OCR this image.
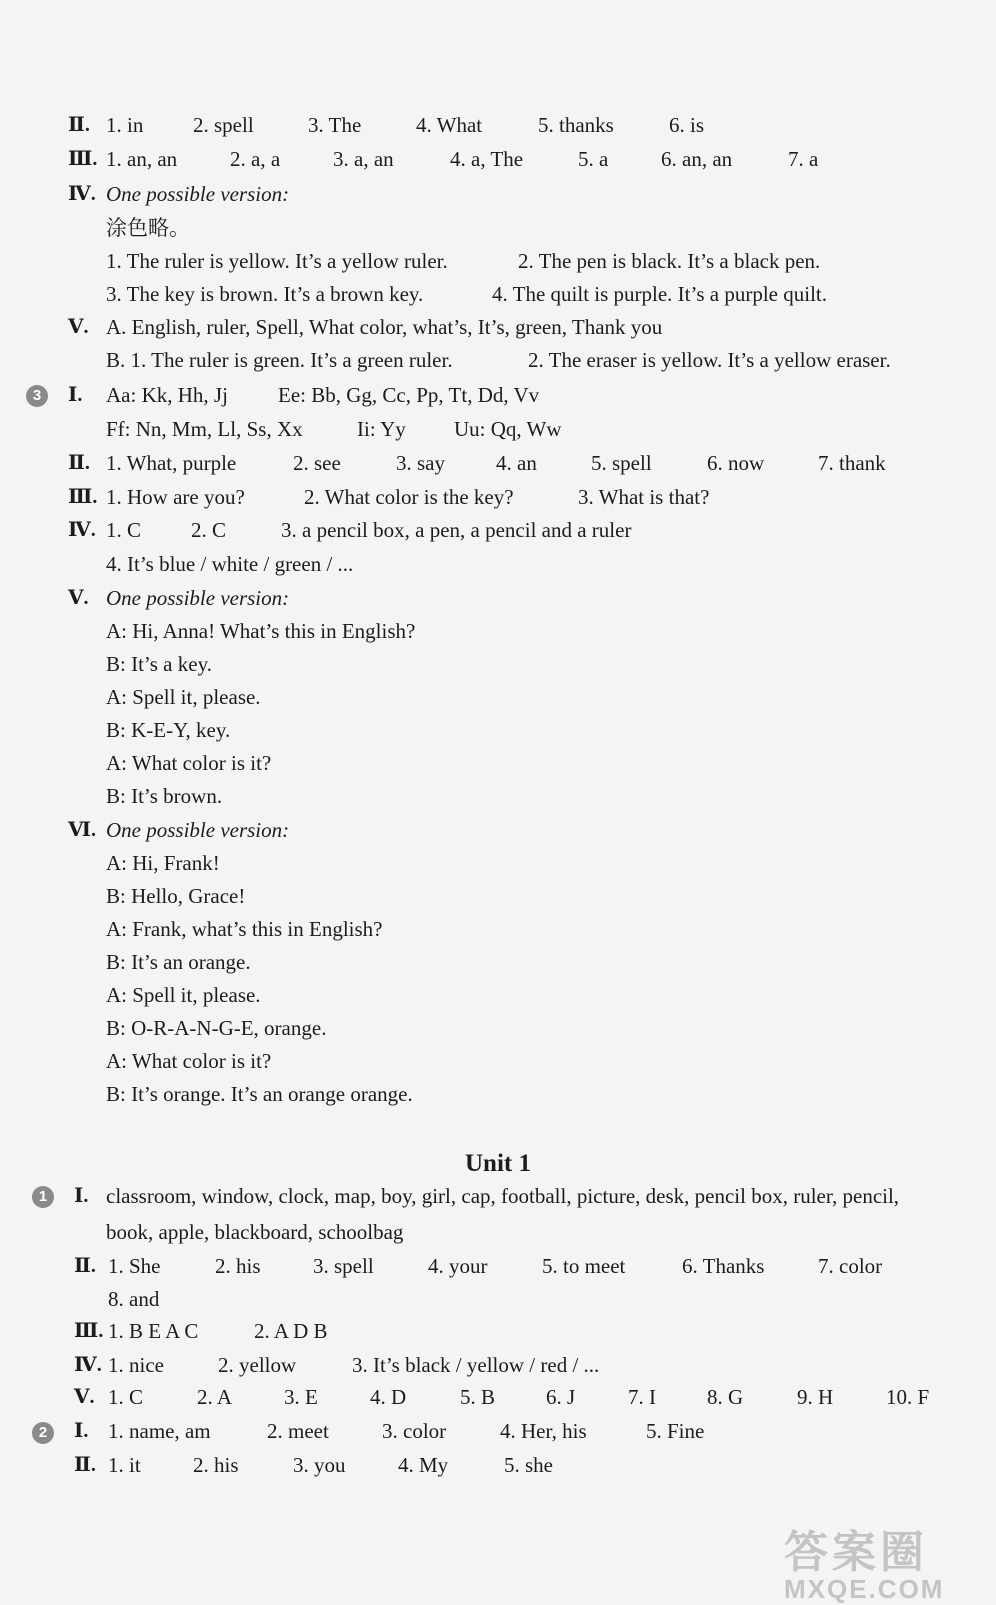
Ⅱ. 1. in 2. spell	3. The	4. What	5. thanks	6. is
Ⅲ. 1. an, an	2. a, a	3. a, an	4. a, The	5. a	6. an, an	7. a
Ⅳ. One possible version:
涂色略。
1. The ruler is yellow. It’s a yellow ruler.	2. The pen is black. It’s a black pen.
3. The key is brown. It’s a brown key.	4. The quilt is purple. It’s a purple quilt.
Ⅴ. A. English, ruler, Spell, What color, what’s, It’s, green, Thank you
B. 1. The ruler is green. It’s a green ruler.	2. The eraser is yellow. It’s a yellow eraser.
3	Ⅰ. Aa: Kk, Hh, Jj Ee: Bb, Gg, Cc, Pp, Tt, Dd, Vv
Ff: Nn, Mm, Ll, Ss, Xx	Ii: Yy Uu: Qq, Ww
Ⅱ. 1. What, purple	2. see	3. say 4. an	5. spell	6. now	7. thank
Ⅲ. 1. How are you?	2. What color is the key?	3. What is that?
Ⅳ. 1. C 2. C	3. a pencil box, a pen, a pencil and a ruler
4. It’s blue / white / green / ...
Ⅴ. One possible version:
A: Hi, Anna! What’s this in English?
B: It’s a key.
A: Spell it, please.
B: K-E-Y, key.
A: What color is it?
B: It’s brown.
Ⅵ. One possible version:
A: Hi, Frank!
B: Hello, Grace!
A: Frank, what’s this in English?
B: It’s an orange.
A: Spell it, please.
B: O-R-A-N-G-E, orange.
A: What color is it?
B: It’s orange. It’s an orange orange.
Unit 1
1	Ⅰ. classroom, window, clock, map, boy, girl, cap, football, picture, desk, pencil box, ruler, pencil,
book, apple, blackboard, schoolbag
Ⅱ. 1. She	2. his 3. spell	4. your	5. to meet	6. Thanks	7. color
8. and
Ⅲ. 1. B E A C	2. A D B
Ⅳ. 1. nice	2. yellow	3. It’s black / yellow / red / ...
Ⅴ. 1. C	2. A 3. E 4. D	5. B 6. J	7. I 8. G	9. H	10. F
2	Ⅰ. 1. name, am	2. meet	3. color	4. Her, his	5. Fine
Ⅱ. 1. it 2. his	3. you	4. My	5. she
答案圈
MXQE.COM
